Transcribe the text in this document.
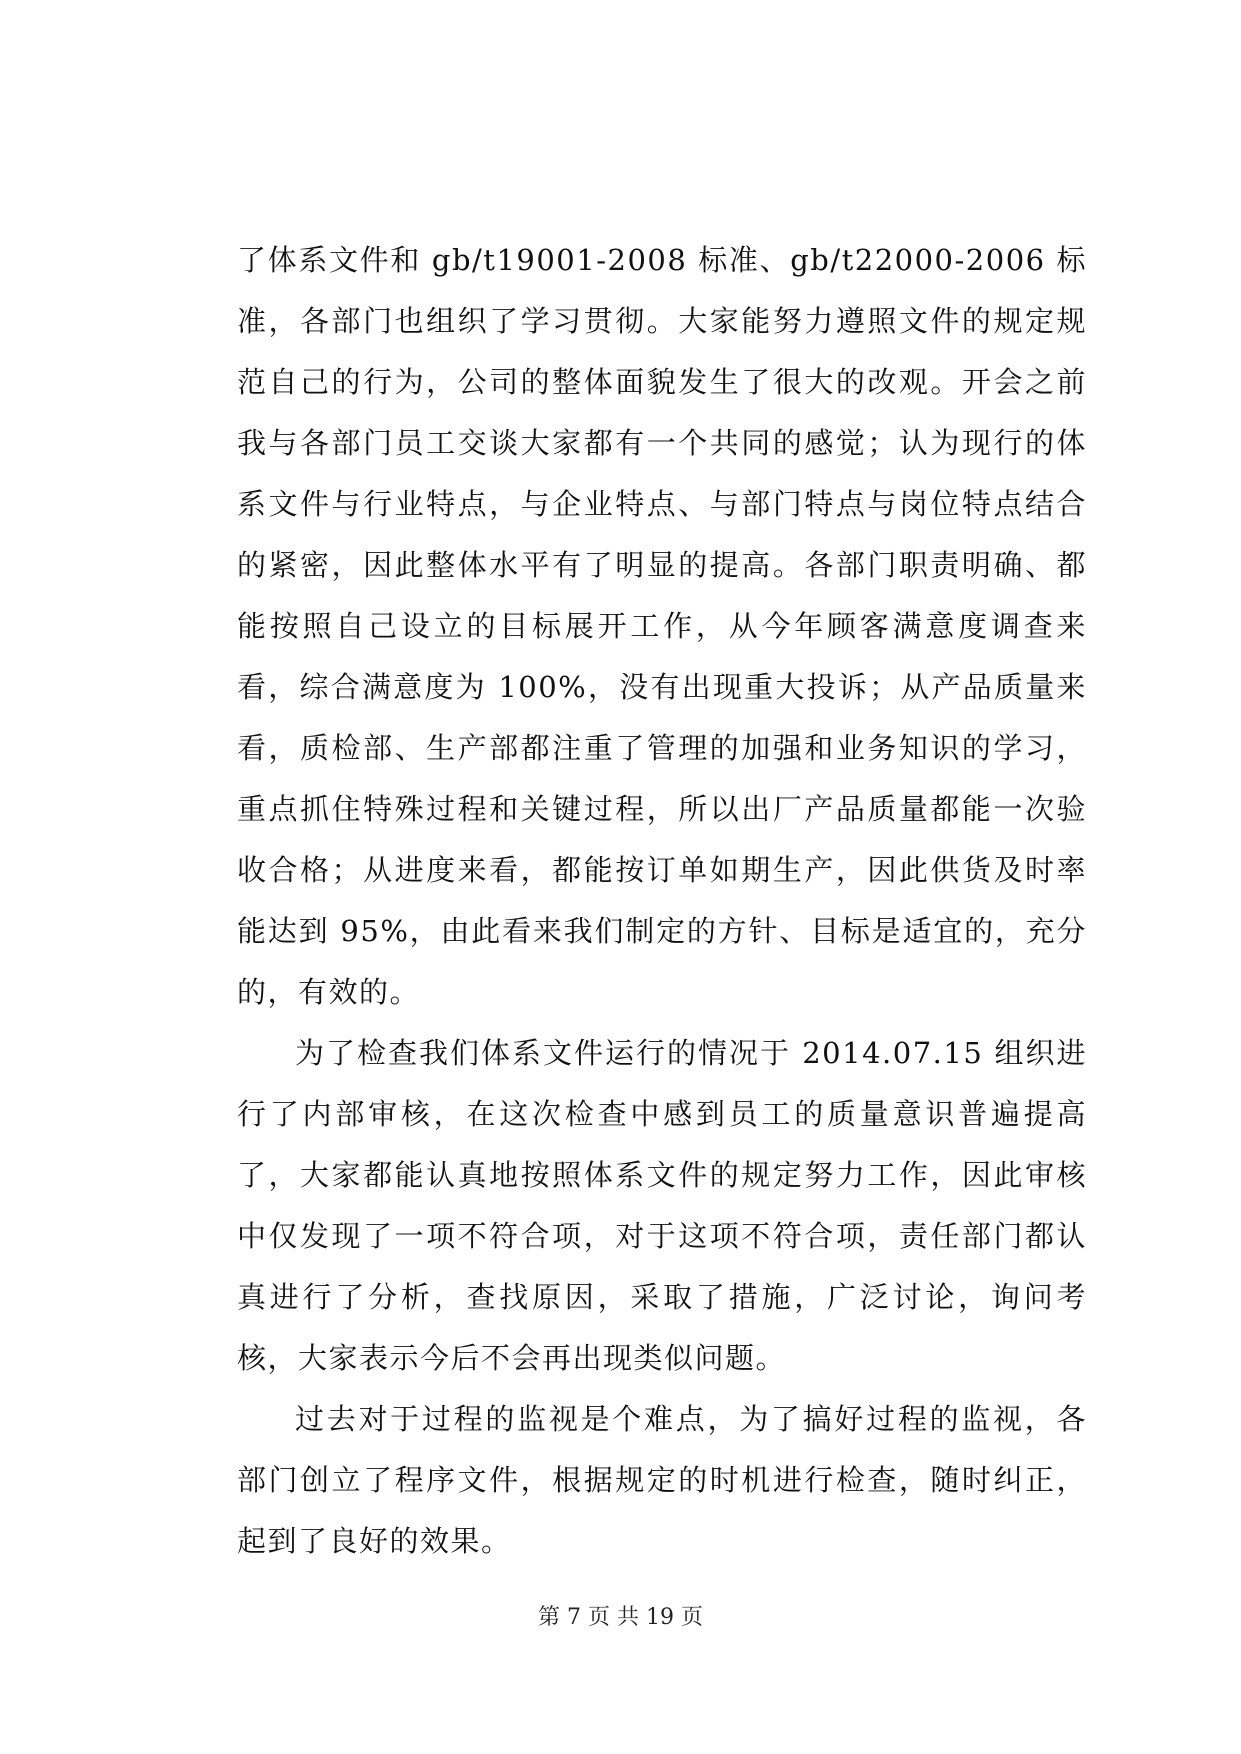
了体系文件和 gb/t19001-2008 标准、gb/t22000-2006 标准，各部门也组织了学习贯彻。大家能努力遵照文件的规定规范自己的行为，公司的整体面貌发生了很大的改观。开会之前我与各部门员工交谈大家都有一个共同的感觉；认为现行的体系文件与行业特点，与企业特点、与部门特点与岗位特点结合的紧密，因此整体水平有了明显的提高。各部门职责明确、都能按照自己设立的目标展开工作，从今年顾客满意度调查来看，综合满意度为 100%，没有出现重大投诉；从产品质量来看，质检部、生产部都注重了管理的加强和业务知识的学习，重点抓住特殊过程和关键过程，所以出厂产品质量都能一次验收合格；从进度来看，都能按订单如期生产，因此供货及时率能达到 95%，由此看来我们制定的方针、目标是适宜的，充分的，有效的。

为了检查我们体系文件运行的情况于 2014.07.15 组织进行了内部审核，在这次检查中感到员工的质量意识普遍提高了，大家都能认真地按照体系文件的规定努力工作，因此审核中仅发现了一项不符合项，对于这项不符合项，责任部门都认真进行了分析，查找原因，采取了措施，广泛讨论，询问考核，大家表示今后不会再出现类似问题。

过去对于过程的监视是个难点，为了搞好过程的监视，各部门创立了程序文件，根据规定的时机进行检查，随时纠正，起到了良好的效果。

第 7 页 共 19 页
